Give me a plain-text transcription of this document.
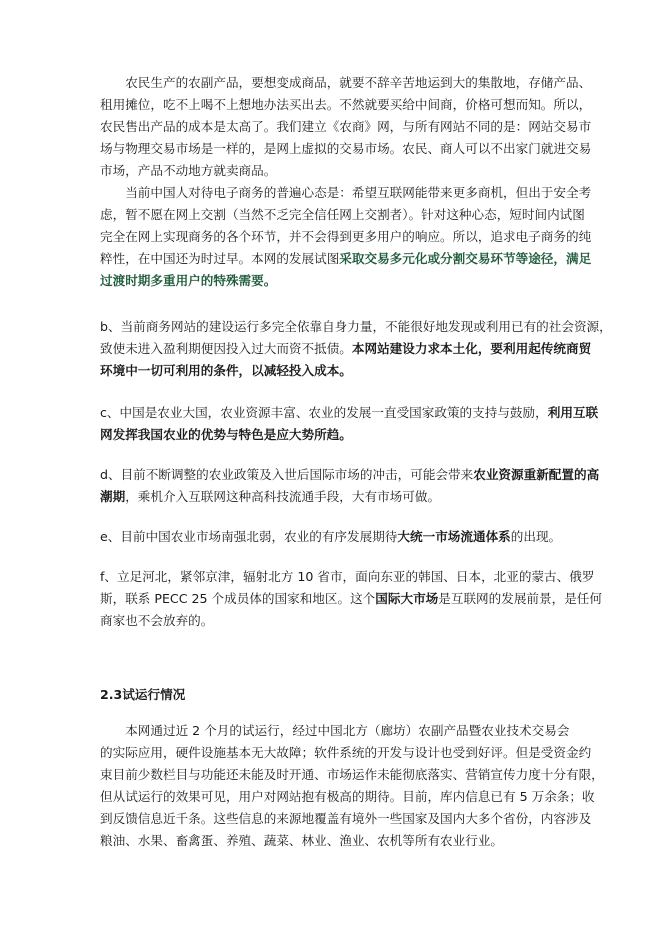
　　农民生产的农副产品，要想变成商品，就要不辞辛苦地运到大的集散地，存储产品、
租用摊位，吃不上喝不上想地办法买出去。不然就要买给中间商，价格可想而知。所以，
农民售出产品的成本是太高了。我们建立《农商》网，与所有网站不同的是：网站交易市
场与物理交易市场是一样的，是网上虚拟的交易市场。农民、商人可以不出家门就进交易
市场，产品不动地方就卖商品。

　　当前中国人对待电子商务的普遍心态是：希望互联网能带来更多商机，但出于安全考
虑，暂不愿在网上交割（当然不乏完全信任网上交割者）。针对这种心态，短时间内试图
完全在网上实现商务的各个环节，并不会得到更多用户的响应。所以，追求电子商务的纯
粹性，在中国还为时过早。本网的发展试图采取交易多元化或分割交易环节等途径，满足
过渡时期多重用户的特殊需要。

b、当前商务网站的建设运行多完全依靠自身力量，不能很好地发现或利用已有的社会资源，
致使未进入盈利期便因投入过大而资不抵债。本网站建设力求本土化，要利用起传统商贸
环境中一切可利用的条件，以减轻投入成本。

c、中国是农业大国，农业资源丰富、农业的发展一直受国家政策的支持与鼓励，利用互联
网发挥我国农业的优势与特色是应大势所趋。

d、目前不断调整的农业政策及入世后国际市场的冲击，可能会带来农业资源重新配置的高
潮期，乘机介入互联网这种高科技流通手段，大有市场可做。

e、目前中国农业市场南强北弱，农业的有序发展期待大统一市场流通体系的出现。

f、立足河北，紧邻京津，辐射北方 10 省市，面向东亚的韩国、日本，北亚的蒙古、俄罗
斯，联系 PECC 25 个成员体的国家和地区。这个国际大市场是互联网的发展前景，是任何
商家也不会放弃的。

2.3试运行情况

　　本网通过近 2 个月的试运行，经过中国北方（廊坊）农副产品暨农业技术交易会
的实际应用，硬件设施基本无大故障；软件系统的开发与设计也受到好评。但是受资金约
束目前少数栏目与功能还未能及时开通、市场运作未能彻底落实、营销宣传力度十分有限，
但从试运行的效果可见，用户对网站抱有极高的期待。目前，库内信息已有 5 万余条；收
到反馈信息近千条。这些信息的来源地覆盖有境外一些国家及国内大多个省份，内容涉及
粮油、水果、畜禽蛋、养殖、蔬菜、林业、渔业、农机等所有农业行业。
